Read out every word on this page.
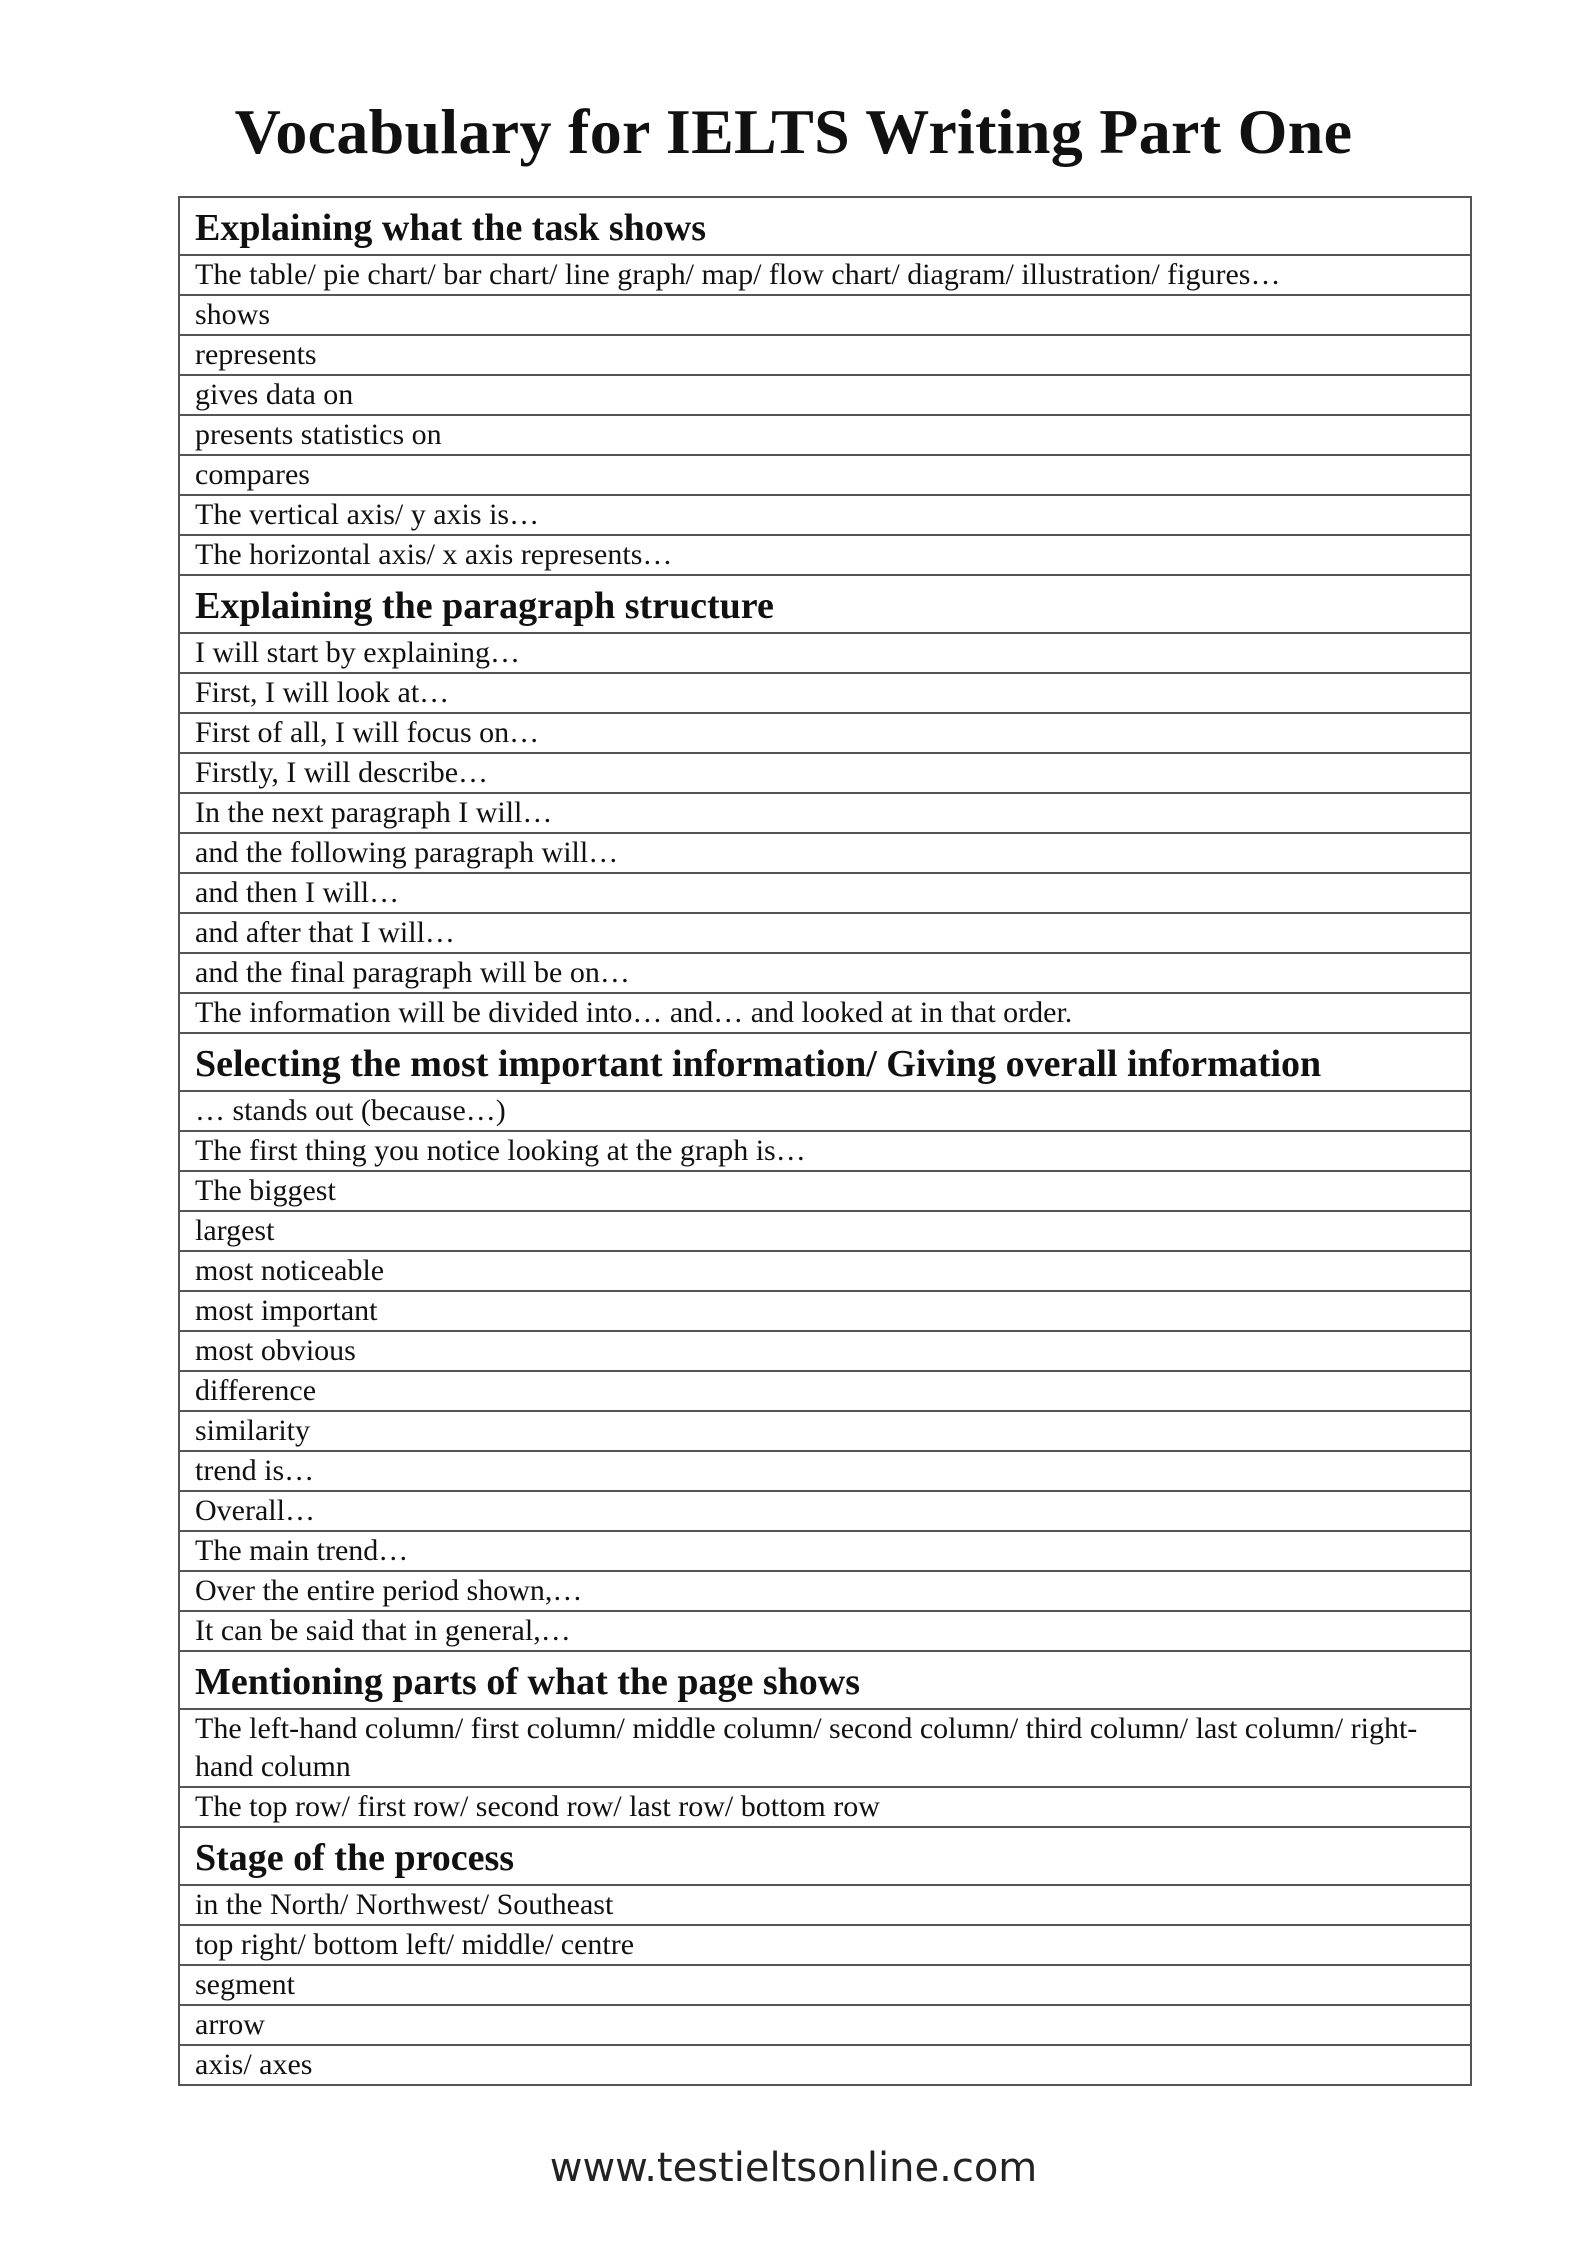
Vocabulary for IELTS Writing Part One
Explaining what the task shows
The table/ pie chart/ bar chart/ line graph/ map/ flow chart/ diagram/ illustration/ figures…
shows
represents
gives data on
presents statistics on
compares
The vertical axis/ y axis is…
The horizontal axis/ x axis represents…
Explaining the paragraph structure
I will start by explaining…
First, I will look at…
First of all, I will focus on…
Firstly, I will describe…
In the next paragraph I will…
and the following paragraph will…
and then I will…
and after that I will…
and the final paragraph will be on…
The information will be divided into… and… and looked at in that order.
Selecting the most important information/ Giving overall information
… stands out (because…)
The first thing you notice looking at the graph is…
The biggest
largest
most noticeable
most important
most obvious
difference
similarity
trend is…
Overall…
The main trend…
Over the entire period shown,…
It can be said that in general,…
Mentioning parts of what the page shows
The left-hand column/ first column/ middle column/ second column/ third column/ last column/ right-hand column
The top row/ first row/ second row/ last row/ bottom row
Stage of the process
in the North/ Northwest/ Southeast
top right/ bottom left/ middle/ centre
segment
arrow
axis/ axes
www.testieltsonline.com
